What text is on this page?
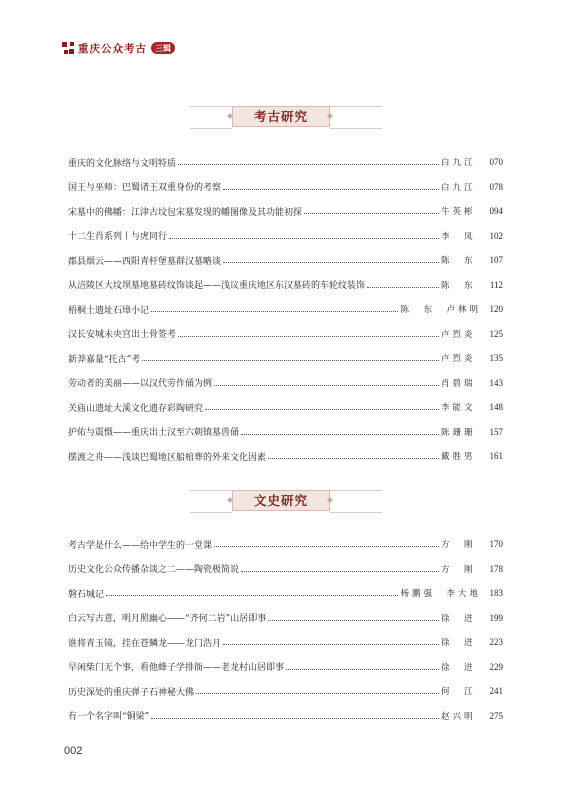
重庆公众考古	三辑
考古研究
重庆的文化脉络与文明特质	白九江	070
国王与巫师：巴蜀诸王双重身份的考察	白九江	078
宋墓中的佛幡：江津古坟包宋墓发现的幡图像及其功能初探	牛英彬	094
十二生肖系列丨与虎同行	李　凤	102
郡县烟云——西阳青杆堡墓群汉墓略谈	陈　东	107
从涪陵区大坟坝墓地墓砖纹饰谈起——浅议重庆地区东汉墓砖的车轮纹装饰	陈　东	112
梧桐土遗址石璋小记	陈　东　卢林明 120
汉长安城未央宫出土骨签考	卢烈炎	125
新莽嘉量“托古”考	卢烈炎	135
劳动者的美丽——以汉代劳作俑为例	肖碧瑞	143
关庙山遗址大溪文化遗存彩陶研究	李能文	148
护佑与震慑——重庆出土汉至六朝镇墓兽俑	陈珊珊	157
摆渡之舟——浅谈巴蜀地区船棺葬的外来文化因素	戴胜男	161
文史研究
考古学是什么——给中学生的一堂课	方　刚	170
历史文化公众传播杂谈之二——陶瓷极简说	方　刚	178
磐石城记	杨鹏强　李大地 183
白云写古意，明月照幽心——“齐何二岩”山居即事	徐　进	199
谁将青玉镜，挂在苍鳞龙——龙门浩月	徐　进	223
早闲柴门无个事，看他蜂子学排衙——老龙村山居即事	徐　进	229
历史深处的重庆弹子石神秘大佛	何　江	241
有一个名字叫“铜梁”	赵兴明	275
002
